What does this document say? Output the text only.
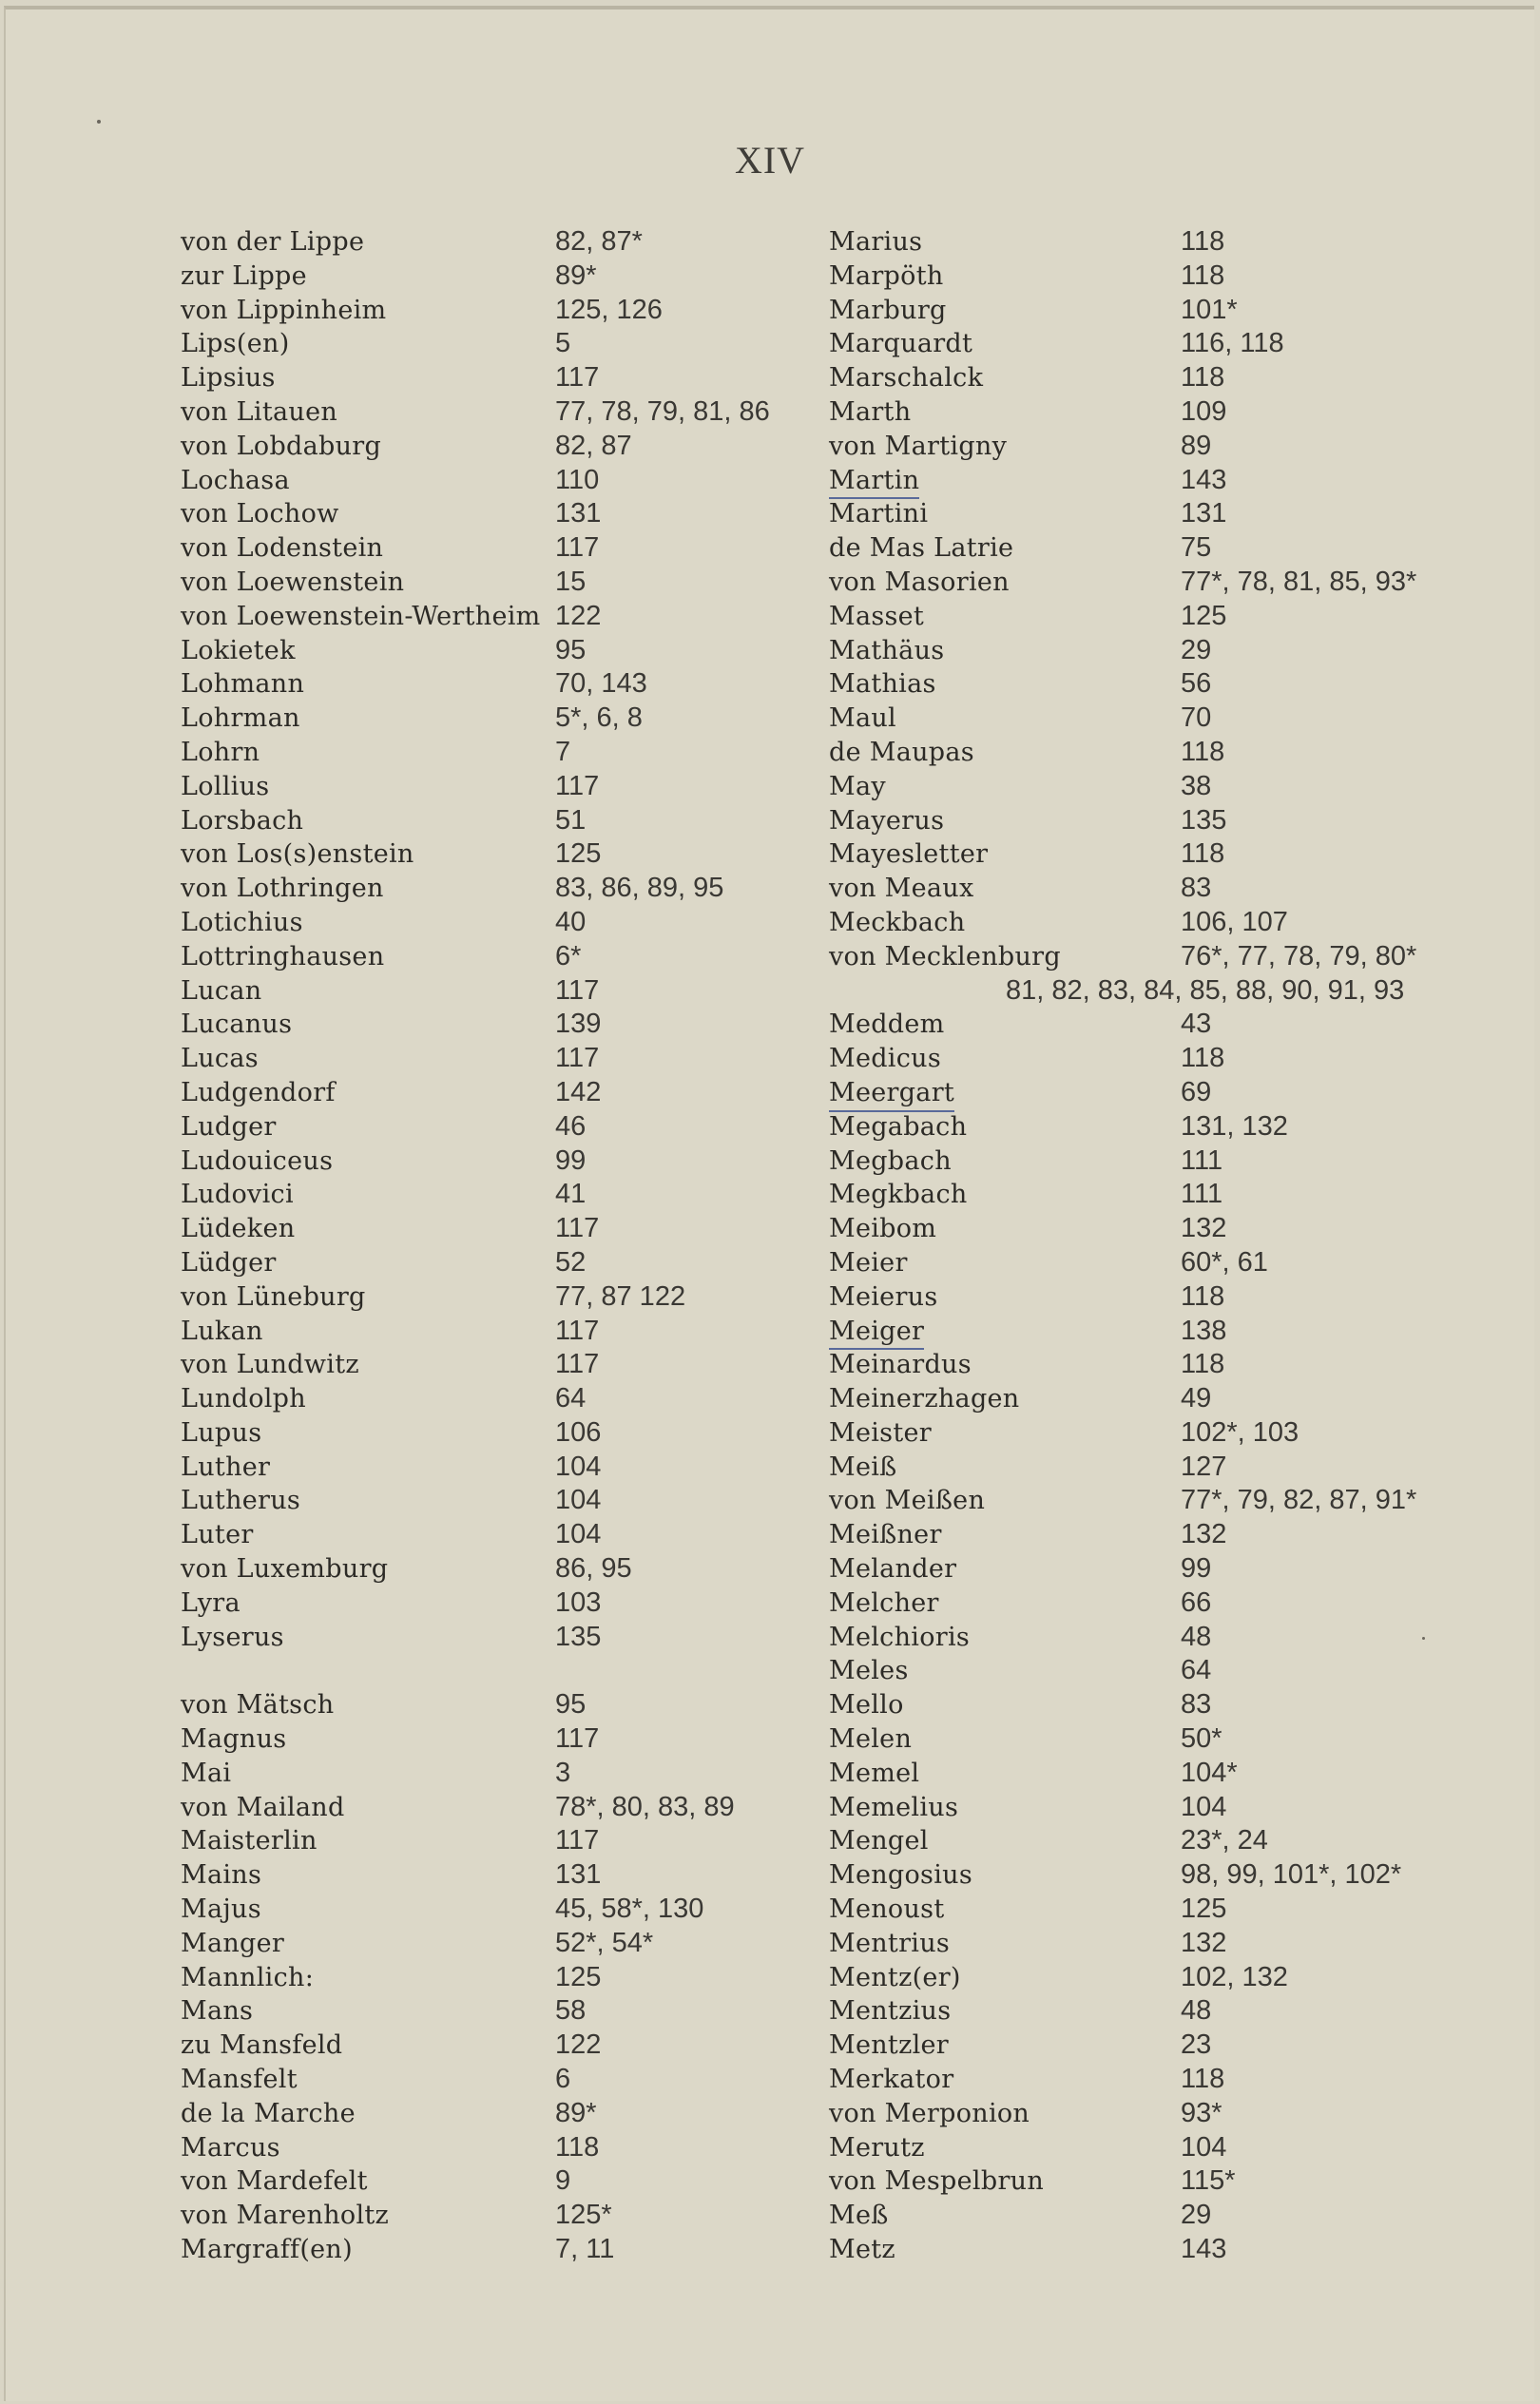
XIV
von der Lippe	82, 87*
zur Lippe	89*
von Lippinheim	125, 126
Lips(en)	5
Lipsius	117
von Litauen	77, 78, 79, 81, 86
von Lobdaburg	82, 87
Lochasa	110
von Lochow	131
von Lodenstein	117
von Loewenstein	15
von Loewenstein-Wertheim 122
Lokietek	95
Lohmann	70, 143
Lohrman	5*, 6, 8
Lohrn	7
Lollius	117
Lorsbach	51
von Los(s)enstein	125
von Lothringen	83, 86, 89, 95
Lotichius	40
Lottringhausen	6*
Lucan	117
Lucanus	139
Lucas	117
Ludgendorf	142
Ludger	46
Ludouiceus	99
Ludovici	41
Lüdeken	117
Lüdger	52
von Lüneburg	77, 87 122
Lukan	117
von Lundwitz	117
Lundolph	64
Lupus	106
Luther	104
Lutherus	104
Luter	104
von Luxemburg	86, 95
Lyra	103
Lyserus	135
von Mätsch	95
Magnus	117
Mai	3
von Mailand	78*, 80, 83, 89
Maisterlin	117
Mains	131
Majus	45, 58*, 130
Manger	52*, 54*
Mannlich:	125
Mans	58
zu Mansfeld	122
Mansfelt	6
de la Marche	89*
Marcus	118
von Mardefelt	9
von Marenholtz	125*
Margraff(en)	7, 11
Marius	118
Marpöth	118
Marburg	101*
Marquardt	116, 118
Marschalck	118
Marth	109
von Martigny	89
Martin	143
Martini	131
de Mas Latrie	75
von Masorien	77*, 78, 81, 85, 93*
Masset	125
Mathäus	29
Mathias	56
Maul	70
de Maupas	118
May	38
Mayerus	135
Mayesletter	118
von Meaux	83
Meckbach	106, 107
von Mecklenburg	76*, 77, 78, 79, 80*
81, 82, 83, 84, 85, 88, 90, 91, 93
Meddem	43
Medicus	118
Meergart	69
Megabach	131, 132
Megbach	111
Megkbach	111
Meibom	132
Meier	60*, 61
Meierus	118
Meiger	138
Meinardus	118
Meinerzhagen	49
Meister	102*, 103
Meiß	127
von Meißen	77*, 79, 82, 87, 91*
Meißner	132
Melander	99
Melcher	66
Melchioris	48
Meles	64
Mello	83
Melen	50*
Memel	104*
Memelius	104
Mengel	23*, 24
Mengosius	98, 99, 101*, 102*
Menoust	125
Mentrius	132
Mentz(er)	102, 132
Mentzius	48
Mentzler	23
Merkator	118
von Merponion	93*
Merutz	104
von Mespelbrun	115*
Meß	29
Metz	143
